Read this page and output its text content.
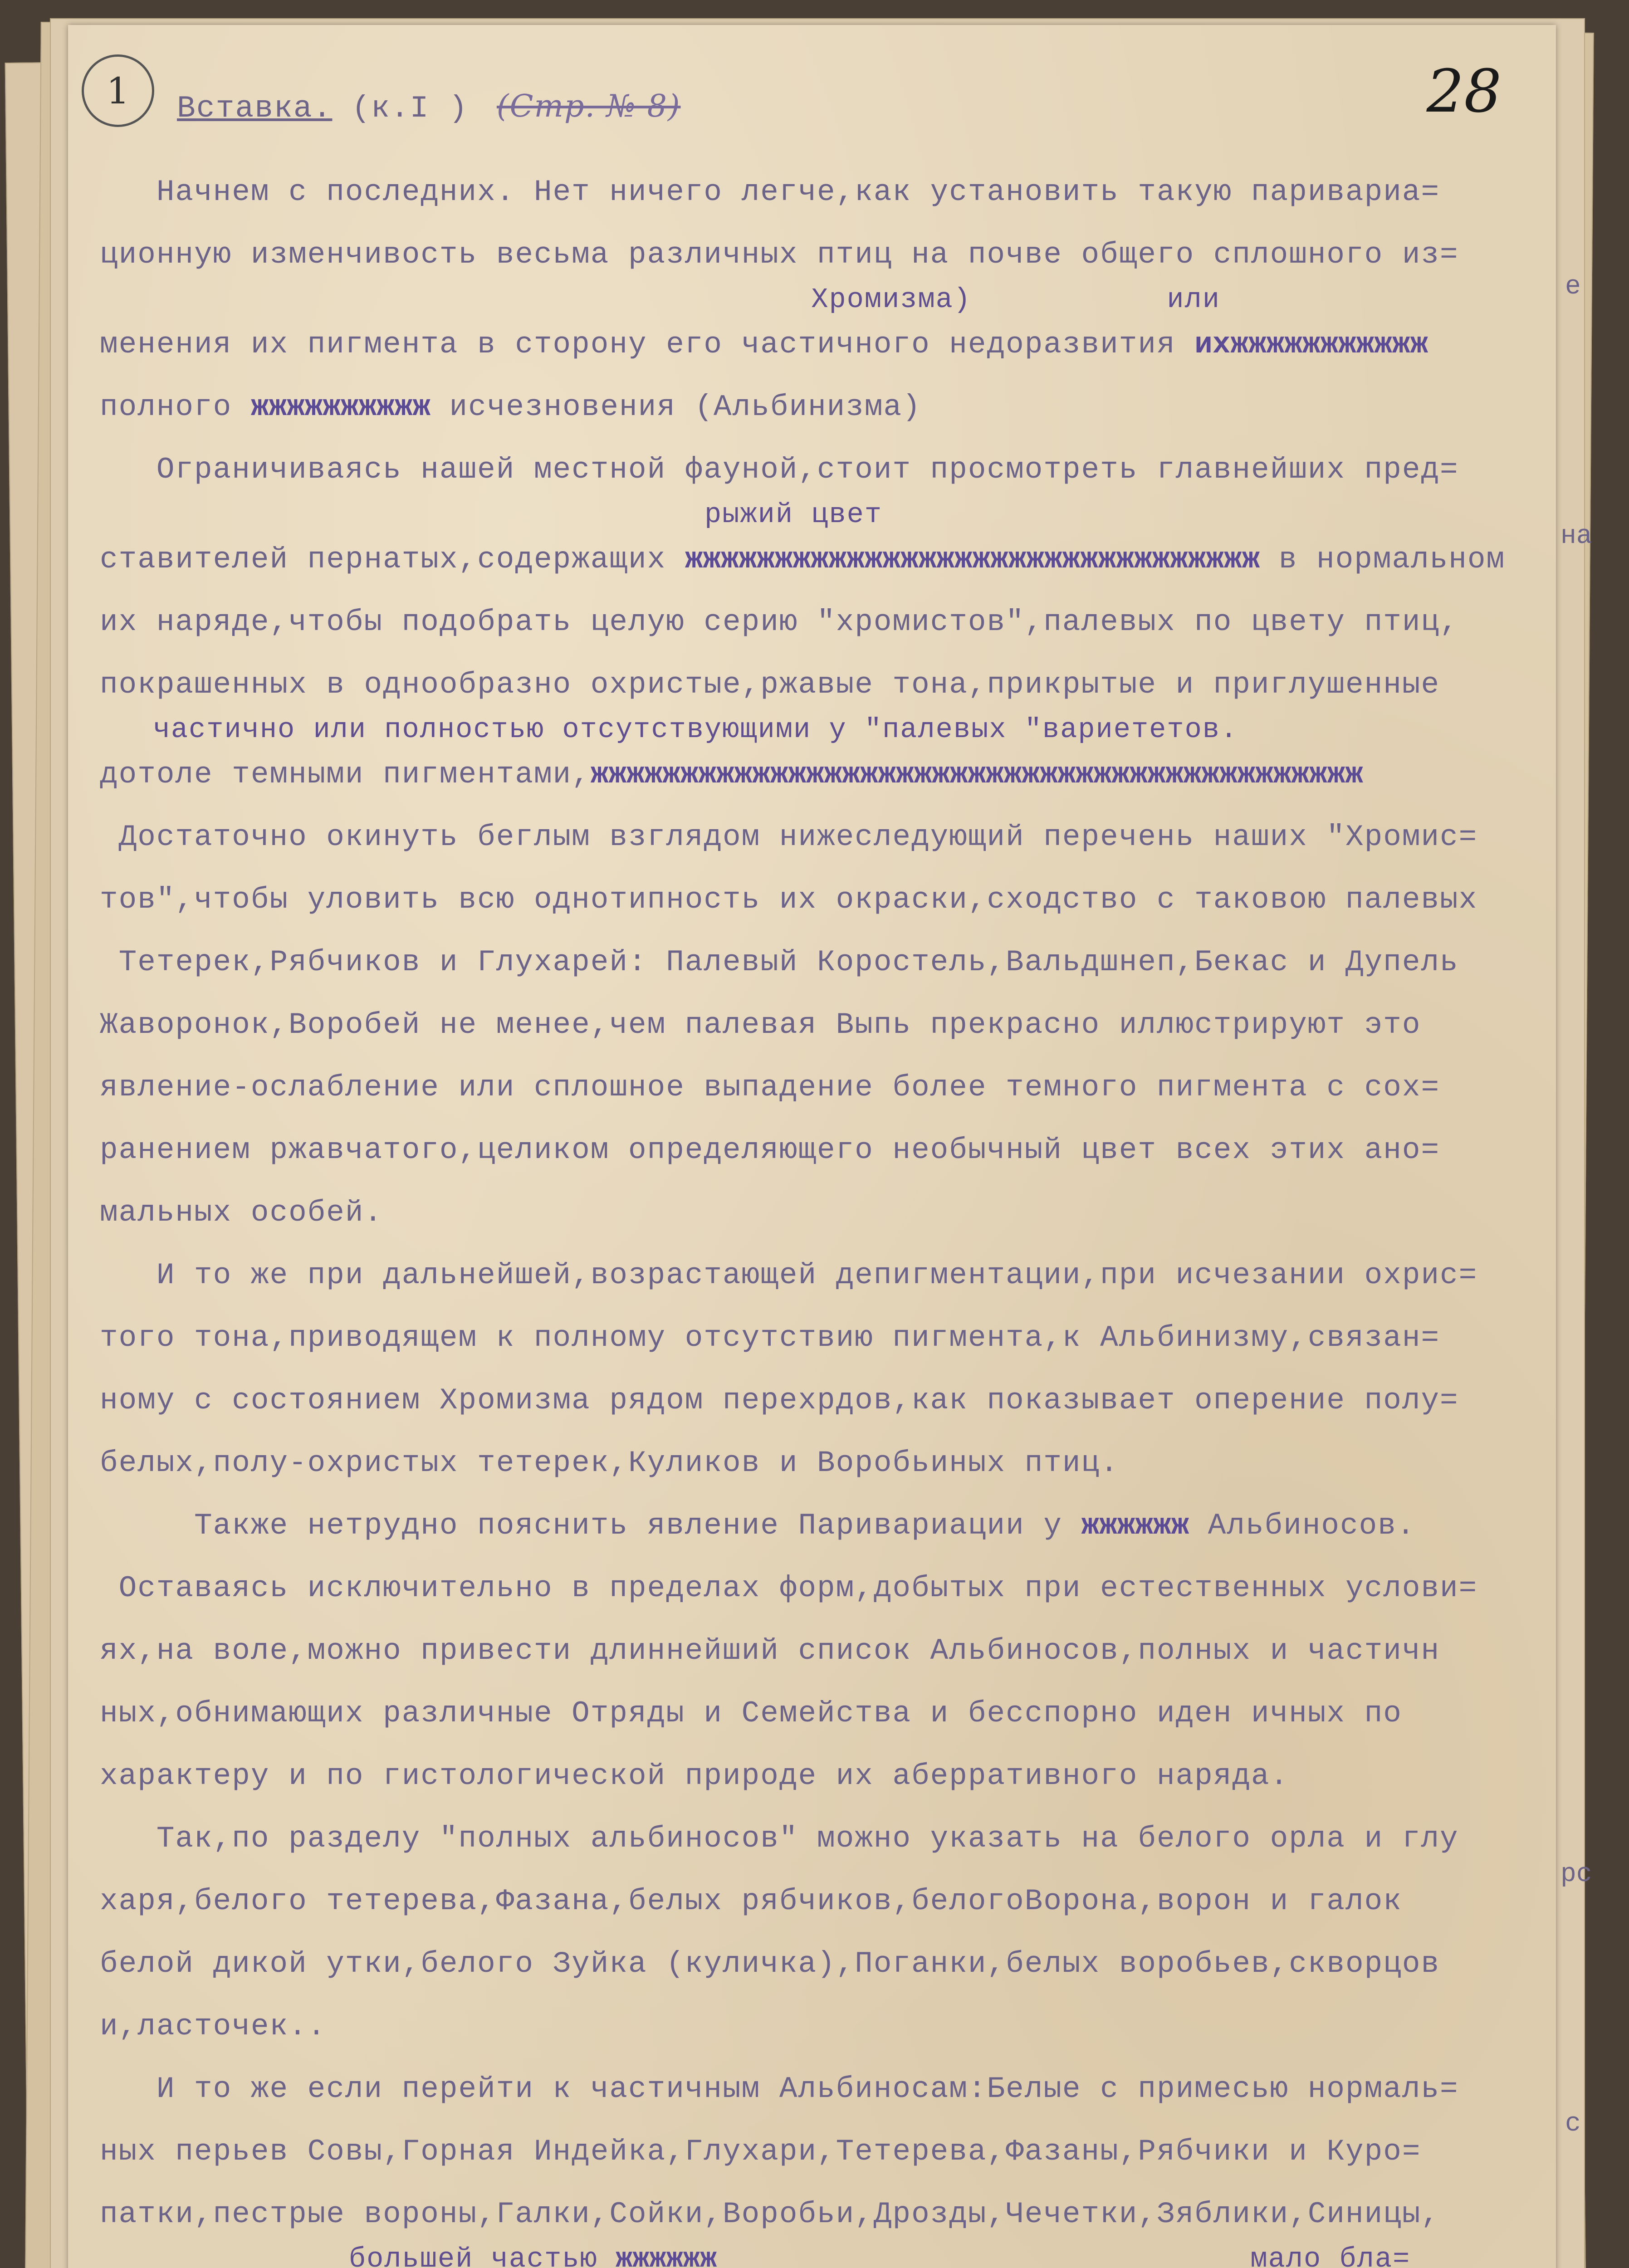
е
на
рс
с
1	28
Вставка. (к.I ) (Стр. № 8)
Начнем с последних. Нет ничего легче,как установить такую паривариа=
ционную изменчивость весьма различных птиц на почве общего сплошного из=
Хромизма)           или
менения их пигмента в сторону его частичного недоразвития ихжжжжжжжжжжж
полного жжжжжжжжжж исчезновения (Альбинизма)
Ограничиваясь нашей местной фауной,стоит просмотреть главнейших пред=
рыжий цвет
ставителей пернатых,содержащих жжжжжжжжжжжжжжжжжжжжжжжжжжжжжжжж в нормальном
их наряде,чтобы подобрать целую серию "хромистов",палевых по цвету птиц,
покрашенных в однообразно охристые,ржавые тона,прикрытые и приглушенные
частично или полностью отсутствующими у "палевых "вариететов.
дотоле темными пигментами,жжжжжжжжжжжжжжжжжжжжжжжжжжжжжжжжжжжжжжжжжжж
Достаточно окинуть беглым взглядом нижеследующий перечень наших "Хромис=
тов",чтобы уловить всю однотипность их окраски,сходство с таковою палевых
Тетерек,Рябчиков и Глухарей: Палевый Коростель,Вальдшнеп,Бекас и Дупель
Жаворонок,Воробей не менее,чем палевая Выпь прекрасно иллюстрируют это
явление-ослабление или сплошное выпадение более темного пигмента с сох=
ранением ржавчатого,целиком определяющего необычный цвет всех этих ано=
мальных особей.
И то же при дальнейшей,возрастающей депигментации,при исчезании охрис=
того тона,приводящем к полному отсутствию пигмента,к Альбинизму,связан=
ному с состоянием Хромизма рядом перехрдов,как показывает оперение полу=
белых,полу-охристых тетерек,Куликов и Воробьиных птиц.
Также нетрудно пояснить явление Паривариации у жжжжжж Альбиносов.
Оставаясь исключительно в пределах форм,добытых при естественных услови=
ях,на воле,можно привести длиннейший список Альбиносов,полных и частичн
ных,обнимающих различные Отряды и Семейства и бесспорно иден ичных по
характеру и по гистологической природе их аберративного наряда.
Так,по разделу "полных альбиносов" можно указать на белого орла и глу
харя,белого тетерева,Фазана,белых рябчиков,белогоВорона,ворон и галок
белой дикой утки,белого Зуйка (куличка),Поганки,белых воробьев,скворцов
и,ласточек..
И то же если перейти к частичным Альбиносам:Белые с примесью нормаль=
ных перьев Совы,Горная Индейка,Глухари,Тетерева,Фазаны,Рябчики и Куро=
патки,пестрые вороны,Галки,Сойки,Воробьи,Дрозды,Чечетки,Зяблики,Синицы,
большей частью жжжжжж                              мало бла=
